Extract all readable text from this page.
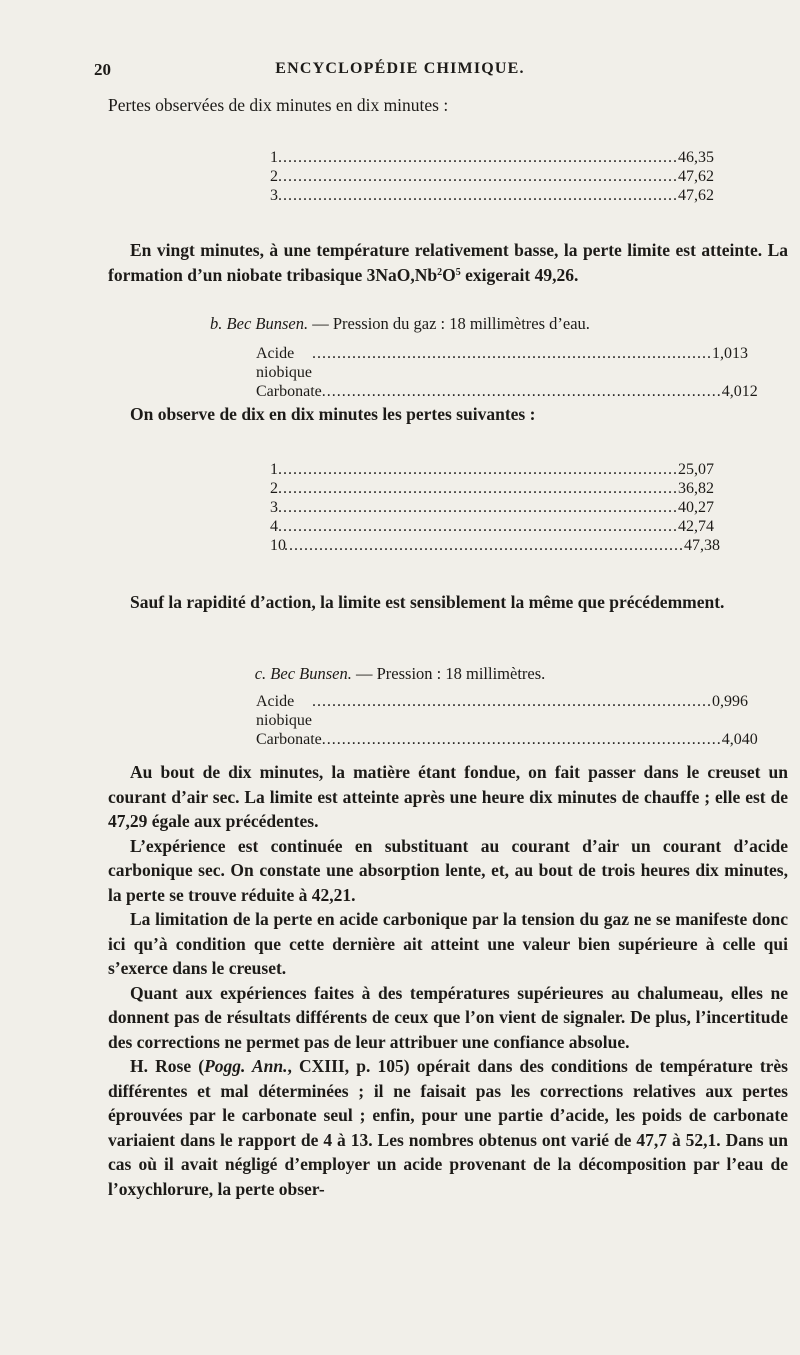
20	ENCYCLOPÉDIE CHIMIQUE.
Pertes observées de dix minutes en dix minutes :
1 ................................................................................ 46,35
2 ................................................................................ 47,62
3 ................................................................................ 47,62

En vingt minutes, à une température relativement basse, la perte limite est atteinte. La formation d’un niobate tribasique $3NaO,Nb^2O^5$ exigerait 49,26.

b. Bec Bunsen. — Pression du gaz : 18 millimètres d’eau.
Acide niobique
................................................................................ 1,013
Carbonate ................................................................................ 4,012

On observe de dix en dix minutes les pertes suivantes :

1 ................................................................................ 25,07
2 ................................................................................ 36,82
3 ................................................................................ 40,27
4 ................................................................................ 42,74
10
................................................................................ 47,38

Sauf la rapidité d’action, la limite est sensiblement la même que précédemment.

c. Bec Bunsen. — Pression : 18 millimètres.
Acide niobique
................................................................................ 0,996
Carbonate ................................................................................ 4,040

Au bout de dix minutes, la matière étant fondue, on fait passer dans le creuset un courant d’air sec. La limite est atteinte après une heure dix minutes de chauffe ; elle est de 47,29 égale aux précédentes.

L’expérience est continuée en substituant au courant d’air un courant d’acide carbonique sec. On constate une absorption lente, et, au bout de trois heures dix minutes, la perte se trouve réduite à 42,21.

La limitation de la perte en acide carbonique par la tension du gaz ne se manifeste donc ici qu’à condition que cette dernière ait atteint une valeur bien supérieure à celle qui s’exerce dans le creuset.

Quant aux expériences faites à des températures supérieures au chalumeau, elles ne donnent pas de résultats différents de ceux que l’on vient de signaler. De plus, l’incertitude des corrections ne permet pas de leur attribuer une confiance absolue.

H. Rose (Pogg. Ann., CXIII, p. 105) opérait dans des conditions de température très différentes et mal déterminées ; il ne faisait pas les corrections relatives aux pertes éprouvées par le carbonate seul ; enfin, pour une partie d’acide, les poids de carbonate variaient dans le rapport de 4 à 13. Les nombres obtenus ont varié de 47,7 à 52,1. Dans un cas où il avait négligé d’employer un acide provenant de la décomposition par l’eau de l’oxychlorure, la perte obser-
